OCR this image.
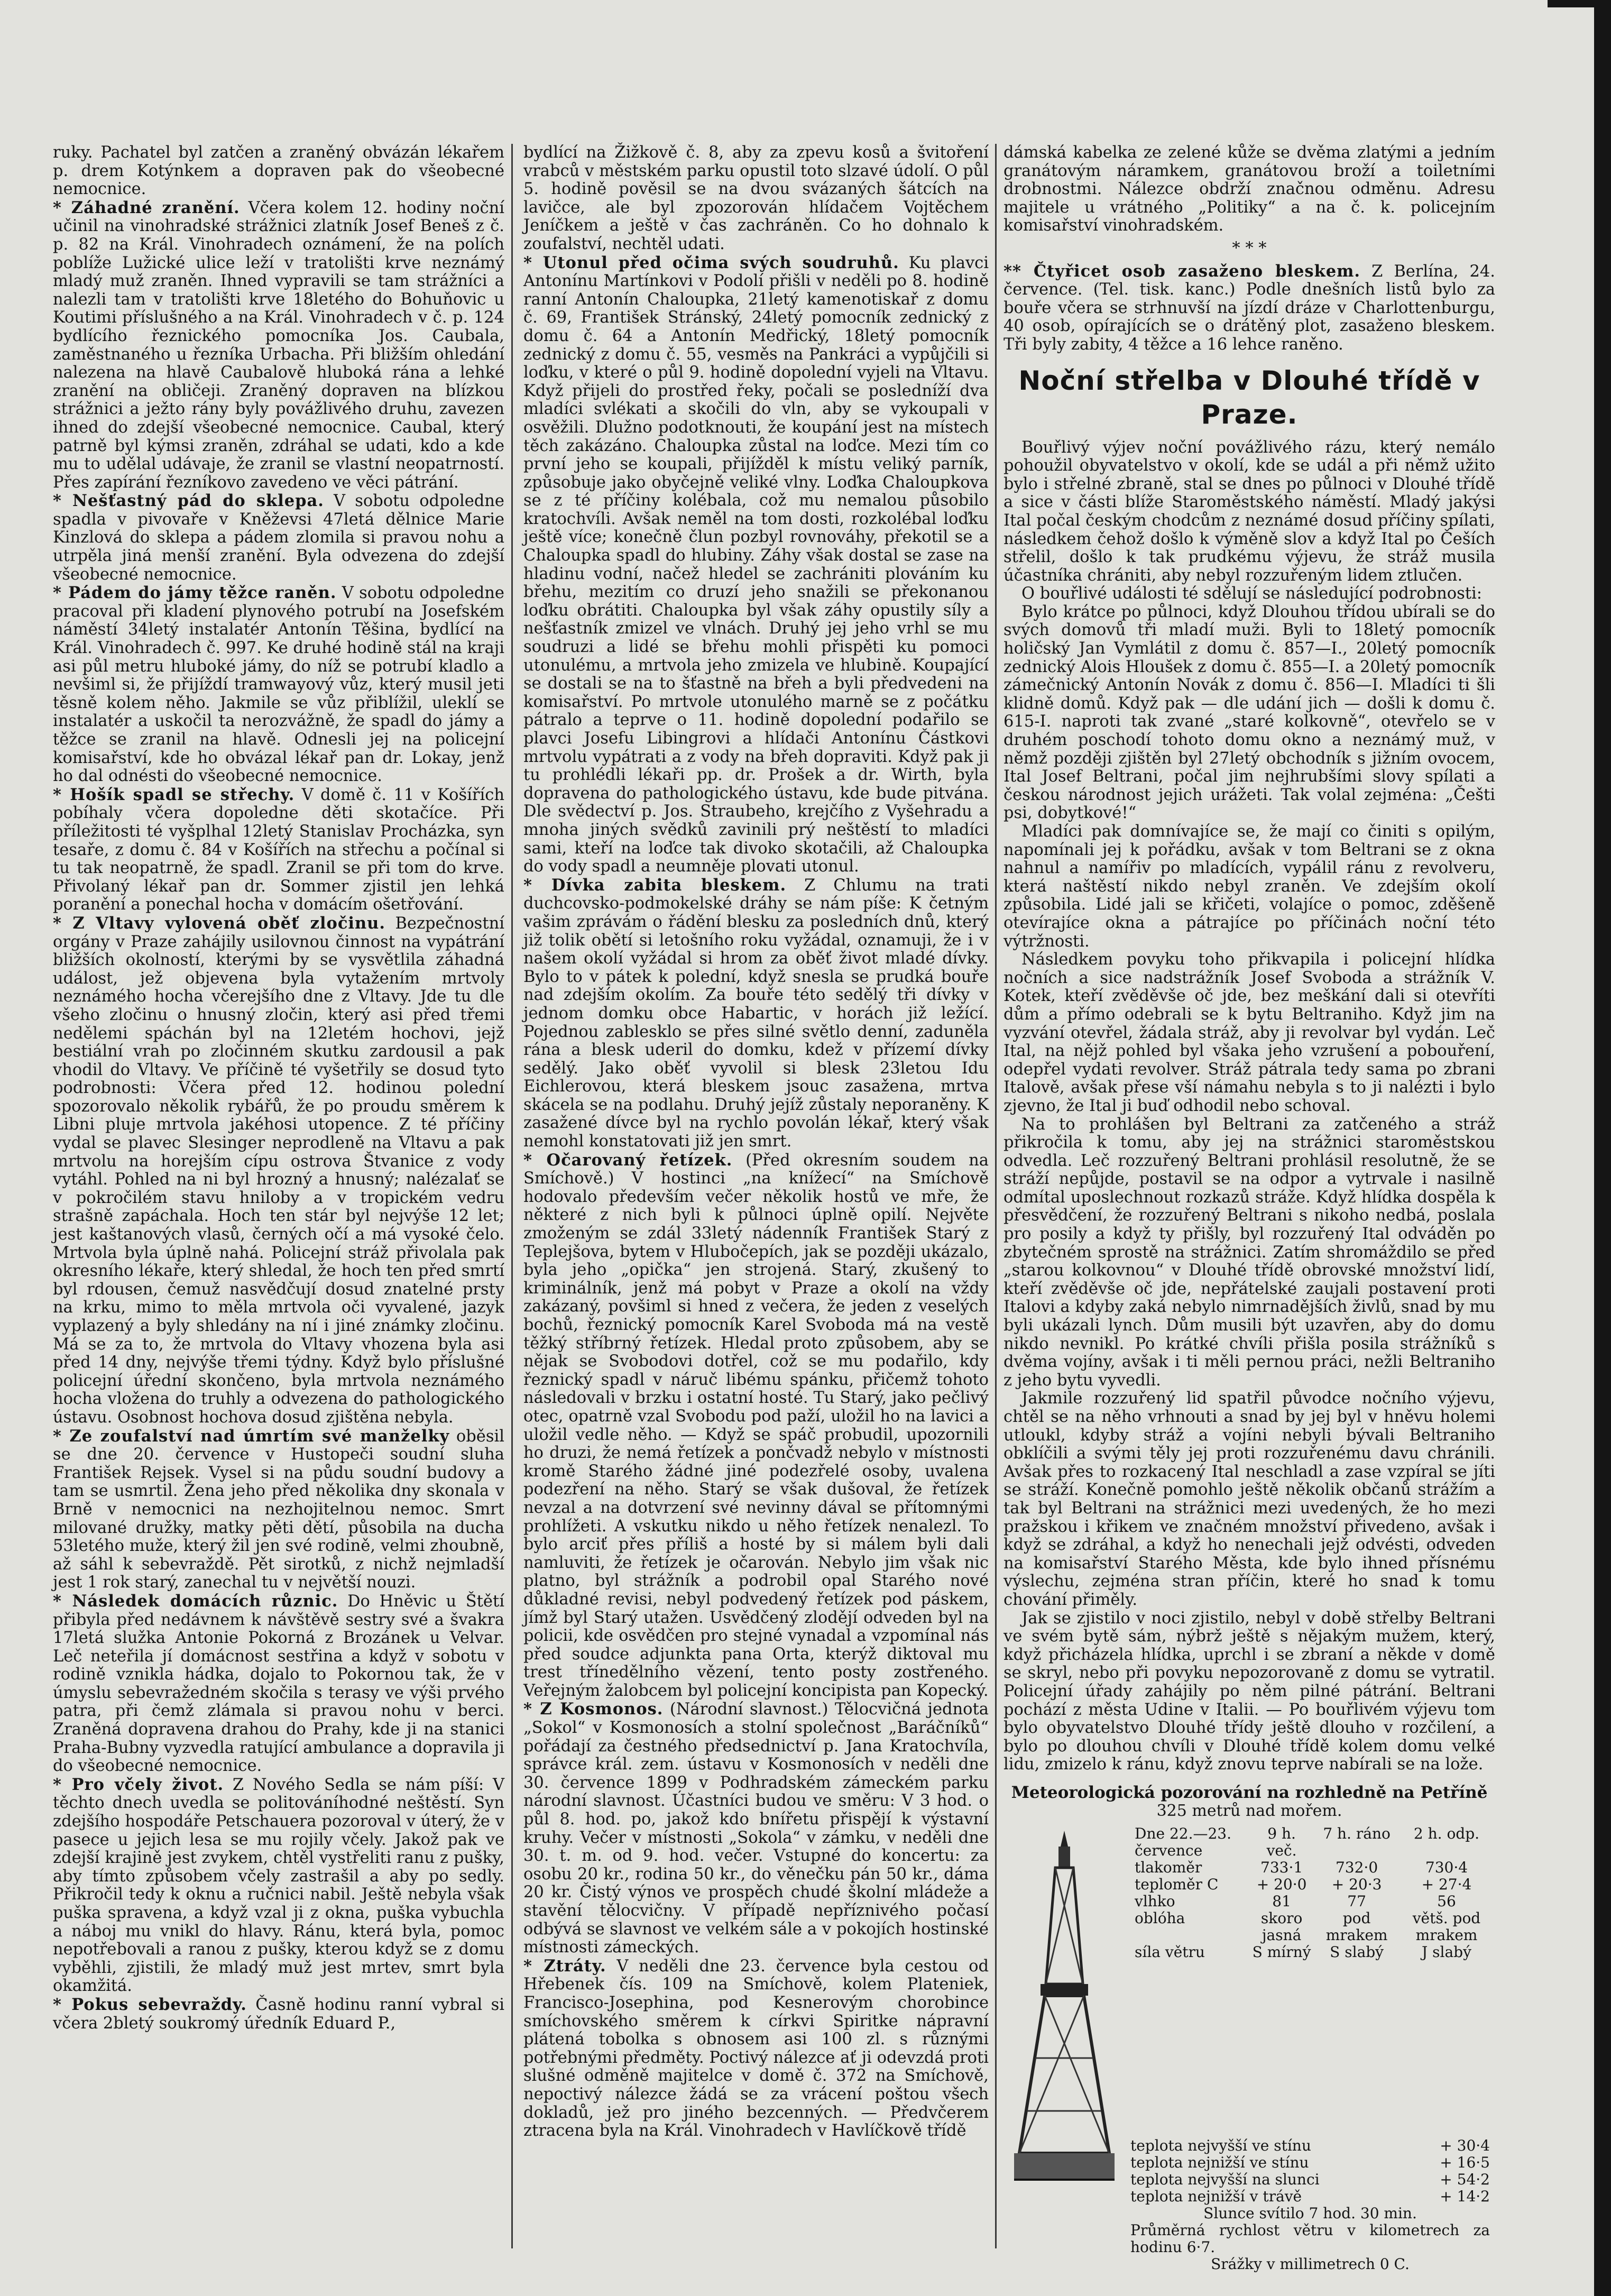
ruky. Pachatel byl zatčen a zraněný obvázán lékařem p. drem Kotýnkem a dopraven pak do všeobecné nemocnice.

* Záhadné zranění. Včera kolem 12. hodiny noční učinil na vinohradské strážnici zlatník Josef Beneš z č. p. 82 na Král. Vinohradech oznámení, že na polích poblíže Lužické ulice leží v tratolišti krve neznámý mladý muž zraněn. Ihned vypravili se tam strážníci a nalezli tam v tratolišti krve 18letého do Bohuňovic u Koutimi příslušného a na Král. Vinohradech v č. p. 124 bydlícího řeznického pomocníka Jos. Caubala, zaměstnaného u řezníka Urbacha. Při bližším ohledání nalezena na hlavě Caubalově hluboká rána a lehké zranění na obličeji. Zraněný dopraven na blízkou strážnici a ježto rány byly povážlivého druhu, zavezen ihned do zdejší všeobecné nemocnice. Caubal, který patrně byl kýmsi zraněn, zdráhal se udati, kdo a kde mu to udělal udávaje, že zranil se vlastní neopatrností. Přes zapírání řezníkovo zavedeno ve věci pátrání.

* Nešťastný pád do sklepa. V sobotu odpoledne spadla v pivovaře v Kněževsi 47letá dělnice Marie Kinzlová do sklepa a pádem zlomila si pravou nohu a utrpěla jiná menší zranění. Byla odvezena do zdejší všeobecné nemocnice.

* Pádem do jámy těžce raněn. V sobotu odpoledne pracoval při kladení plynového potrubí na Josefském náměstí 34letý instalatér Antonín Těšina, bydlící na Král. Vinohradech č. 997. Ke druhé hodině stál na kraji asi půl metru hluboké jámy, do níž se potrubí kladlo a nevšiml si, že přijíždí tramwayový vůz, který musil jeti těsně kolem něho. Jakmile se vůz přiblížil, uleklí se instalatér a uskočil ta nerozvážně, že spadl do jámy a těžce se zranil na hlavě. Odnesli jej na policejní komisařství, kde ho obvázal lékař pan dr. Lokay, jenž ho dal odnésti do všeobecné nemocnice.

* Hošík spadl se střechy. V domě č. 11 v Košířích pobíhaly včera dopoledne děti skotačíce. Při příležitosti té vyšplhal 12letý Stanislav Procházka, syn tesaře, z domu č. 84 v Košířích na střechu a počínal si tu tak neopatrně, že spadl. Zranil se při tom do krve. Přivolaný lékař pan dr. Sommer zjistil jen lehká poranění a ponechal hocha v domácím ošetřování.

* Z Vltavy vylovená oběť zločinu. Bezpečnostní orgány v Praze zahájily usilovnou činnost na vypátrání bližších okolností, kterými by se vysvětlila záhadná událost, jež objevena byla vytažením mrtvoly neznámého hocha včerejšího dne z Vltavy. Jde tu dle všeho zločinu o hnusný zločin, který asi před třemi nedělemi spáchán byl na 12letém hochovi, jejž bestiální vrah po zločinném skutku zardousil a pak vhodil do Vltavy. Ve příčině té vyšetřily se dosud tyto podrobnosti: Včera před 12. hodinou polední spozorovalo několik rybářů, že po proudu směrem k Libni pluje mrtvola jakéhosi utopence. Z té příčiny vydal se plavec Slesinger neprodleně na Vltavu a pak mrtvolu na horejším cípu ostrova Štvanice z vody vytáhl. Pohled na ni byl hrozný a hnusný; nalézalať se v pokročilém stavu hniloby a v tropickém vedru strašně zapáchala. Hoch ten stár byl nejvýše 12 let; jest kaštanových vlasů, černých očí a má vysoké čelo. Mrtvola byla úplně nahá. Policejní stráž přivolala pak okresního lékaře, který shledal, že hoch ten před smrtí byl rdousen, čemuž nasvědčují dosud znatelné prsty na krku, mimo to měla mrtvola oči vyvalené, jazyk vyplazený a byly shledány na ní i jiné známky zločinu. Má se za to, že mrtvola do Vltavy vhozena byla asi před 14 dny, nejvýše třemi týdny. Když bylo příslušné policejní úřední skončeno, byla mrtvola neznámého hocha vložena do truhly a odvezena do pathologického ústavu. Osobnost hochova dosud zjištěna nebyla.

* Ze zoufalství nad úmrtím své manželky oběsil se dne 20. července v Hustopeči soudní sluha František Rejsek. Vysel si na půdu soudní budovy a tam se usmrtil. Žena jeho před několika dny skonala v Brně v nemocnici na nezhojitelnou nemoc. Smrt milované družky, matky pěti dětí, působila na ducha 53letého muže, který žil jen své rodině, velmi zhoubně, až sáhl k sebevraždě. Pět sirotků, z nichž nejmladší jest 1 rok starý, zanechal tu v největší nouzi.

* Následek domácích různic. Do Hněvic u Štětí přibyla před nedávnem k návštěvě sestry své a švakra 17letá služka Antonie Pokorná z Brozánek u Velvar. Leč neteřila jí domácnost sestřina a když v sobotu v rodině vznikla hádka, dojalo to Pokornou tak, že v úmyslu sebevražedném skočila s terasy ve výši prvého patra, při čemž zlámala si pravou nohu v berci. Zraněná dopravena drahou do Prahy, kde ji na stanici Praha-Bubny vyzvedla ratující ambulance a dopravila ji do všeobecné nemocnice.

* Pro včely život. Z Nového Sedla se nám píší: V těchto dnech uvedla se politováníhodné neštěstí. Syn zdejšího hospodáře Petschauera pozoroval v úterý, že v pasece u jejich lesa se mu rojily včely. Jakož pak ve zdejší krajině jest zvykem, chtěl vystřeliti ranu z pušky, aby tímto způsobem včely zastrašil a aby po sedly. Přikročil tedy k oknu a ručnici nabil. Ještě nebyla však puška spravena, a když vzal ji z okna, puška vybuchla a náboj mu vnikl do hlavy. Ránu, která byla, pomoc nepotřebovali a ranou z pušky, kterou když se z domu vyběhli, zjistili, že mladý muž jest mrtev, smrt byla okamžitá.

* Pokus sebevraždy. Časně hodinu ranní vybral si včera 2bletý soukromý úředník Eduard P.,

bydlící na Žižkově č. 8, aby za zpevu kosů a švitoření vrabců v městském parku opustil toto slzavé údolí. O půl 5. hodině pověsil se na dvou svázaných šátcích na lavičce, ale byl zpozorován hlídačem Vojtěchem Jeníčkem a ještě v čas zachráněn. Co ho dohnalo k zoufalství, nechtěl udati.

* Utonul před očima svých soudruhů. Ku plavci Antonínu Martínkovi v Podolí přišli v neděli po 8. hodině ranní Antonín Chaloupka, 21letý kamenotiskař z domu č. 69, František Stránský, 24letý pomocník zednický z domu č. 64 a Antonín Medřický, 18letý pomocník zednický z domu č. 55, vesměs na Pankráci a vypůjčili si loďku, v které o půl 9. hodině dopolední vyjeli na Vltavu. Když přijeli do prostřed řeky, počali se posledníží dva mladíci svlékati a skočili do vln, aby se vykoupali v osvěžili. Dlužno podotknouti, že koupání jest na místech těch zakázáno. Chaloupka zůstal na loďce. Mezi tím co první jeho se koupali, přijížděl k místu veliký parník, způsobuje jako obyčejně veliké vlny. Loďka Chaloupkova se z té příčiny kolébala, což mu nemalou působilo kratochvíli. Avšak neměl na tom dosti, rozkolébal loďku ještě více; konečně člun pozbyl rovnováhy, překotil se a Chaloupka spadl do hlubiny. Záhy však dostal se zase na hladinu vodní, načež hledel se zachrániti plováním ku břehu, mezitím co druzí jeho snažili se překonanou loďku obrátiti. Chaloupka byl však záhy opustily síly a nešťastník zmizel ve vlnách. Druhý jej jeho vrhl se mu soudruzi a lidé se břehu mohli přispěti ku pomoci utonulému, a mrtvola jeho zmizela ve hlubině. Koupající se dostali se na to šťastně na břeh a byli předvedeni na komisařství. Po mrtvole utonulého marně se z počátku pátralo a teprve o 11. hodině dopolední podařilo se plavci Josefu Libingrovi a hlídači Antonínu Částkovi mrtvolu vypátrati a z vody na břeh dopraviti. Když pak ji tu prohlédli lékaři pp. dr. Prošek a dr. Wirth, byla dopravena do pathologického ústavu, kde bude pitvána. Dle svědectví p. Jos. Straubeho, krejčího z Vyšehradu a mnoha jiných svědků zavinili prý neštěstí to mladíci sami, kteří na loďce tak divoko skotačili, až Chaloupka do vody spadl a neumněje plovati utonul.

* Dívka zabita bleskem. Z Chlumu na trati duchcovsko-podmokelské dráhy se nám píše: K četným vašim zprávám o řádění blesku za posledních dnů, který již tolik obětí si letošního roku vyžádal, oznamuji, že i v našem okolí vyžádal si hrom za oběť život mladé dívky. Bylo to v pátek k polední, když snesla se prudká bouře nad zdejším okolím. Za bouře této sedělý tři dívky v jednom domku obce Habartic, v horách již ležící. Pojednou zablesklo se přes silné světlo denní, zaduněla rána a blesk uderil do domku, kdež v přízemí dívky sedělý. Jako oběť vyvolil si blesk 23letou Idu Eichlerovou, která bleskem jsouc zasažena, mrtva skácela se na podlahu. Druhý jejíž zůstaly neporaněny. K zasažené dívce byl na rychlo povolán lékař, který však nemohl konstatovati již jen smrt.

* Očarovaný řetízek. (Před okresním soudem na Smíchově.) V hostinci „na knížecí“ na Smíchově hodovalo především večer několik hostů ve mře, že některé z nich byli k půlnoci úplně opilí. Největe zmoženým se zdál 33letý nádenník František Starý z Teplejšova, bytem v Hlubočepích, jak se později ukázalo, byla jeho „opička“ jen strojená. Starý, zkušený to kriminálník, jenž má pobyt v Praze a okolí na vždy zakázaný, povšiml si hned z večera, že jeden z veselých bochů, řeznický pomocník Karel Svoboda má na vestě těžký stříbrný řetízek. Hledal proto způsobem, aby se nějak se Svobodovi dotřel, což se mu podařilo, kdy řeznický spadl v náruč libému spánku, přičemž tohoto následovali v brzku i ostatní hosté. Tu Starý, jako pečlivý otec, opatrně vzal Svobodu pod paží, uložil ho na lavici a uložil vedle něho. — Když se spáč probudil, upozornili ho druzi, že nemá řetízek a pončvadž nebylo v místnosti kromě Starého žádné jiné podezřelé osoby, uvalena podezření na něho. Starý se však dušoval, že řetízek nevzal a na dotvrzení své nevinny dával se přítomnými prohlížeti. A vskutku nikdo u něho řetízek nenalezl. To bylo arciť přes příliš a hosté by si málem byli dali namluviti, že řetízek je očarován. Nebylo jim však nic platno, byl strážník a podrobil opal Starého nové důkladné revisi, nebyl podvedený řetízek pod páskem, jímž byl Starý utažen. Usvědčený zlodějí odveden byl na policii, kde osvědčen pro stejné vynadal a vzpomínal nás před soudce adjunkta pana Orta, kterýž diktoval mu trest třínedělního vězení, tento posty zostřeného. Veřejným žalobcem byl policejní koncipista pan Kopecký.

* Z Kosmonos. (Národní slavnost.) Tělocvičná jednota „Sokol“ v Kosmonosích a stolní společnost „Baráčníků“ pořádají za čestného předsednictví p. Jana Kratochvíla, správce král. zem. ústavu v Kosmonosích v neděli dne 30. července 1899 v Podhradském zámeckém parku národní slavnost. Účastníci budou ve směru: V 3 hod. o půl 8. hod. po, jakož kdo bnířetu přispějí k výstavní kruhy. Večer v místnosti „Sokola“ v zámku, v neděli dne 30. t. m. od 9. hod. večer. Vstupné do koncertu: za osobu 20 kr., rodina 50 kr., do věnečku pán 50 kr., dáma 20 kr. Čistý výnos ve prospěch chudé školní mládeže a stavění tělocvičny. V případě nepříznivého počasí odbývá se slavnost ve velkém sále a v pokojích hostinské místnosti zámeckých.

* Ztráty. V neděli dne 23. července byla cestou od Hřebenek čís. 109 na Smíchově, kolem Plateniek, Francisco-Josephina, pod Kesnerovým chorobince smíchovského směrem k církvi Spiritke nápravní plátená tobolka s obnosem asi 100 zl. s různými potřebnými předměty. Poctivý nálezce ať ji odevzdá proti slušné odměně majitelce v domě č. 372 na Smíchově, nepoctivý nálezce žádá se za vrácení poštou všech dokladů, jež pro jiného bezcenných. — Předvčerem ztracena byla na Král. Vinohradech v Havlíčkově třídě

dámská kabelka ze zelené kůže se dvěma zlatými a jedním granátovým náramkem, granátovou broží a toiletními drobnostmi. Nálezce obdrží značnou odměnu. Adresu majitele u vrátného „Politiky“ a na č. k. policejním komisařství vinohradském.

* * *

** Čtyřicet osob zasaženo bleskem. Z Berlína, 24. července. (Tel. tisk. kanc.) Podle dnešních listů bylo za bouře včera se strhnuvší na jízdí dráze v Charlottenburgu, 40 osob, opírajících se o drátěný plot, zasaženo bleskem. Tři byly zabity, 4 těžce a 16 lehce raněno.

Noční střelba v Dlouhé třídě v Praze.

Bouřlivý výjev noční povážlivého rázu, který nemálo pohoužil obyvatelstvo v okolí, kde se udál a při němž užito bylo i střelné zbraně, stal se dnes po půlnoci v Dlouhé třídě a sice v části blíže Staroměstského náměstí. Mladý jakýsi Ital počal českým chodcům z neznámé dosud příčiny spílati, následkem čehož došlo k výměně slov a když Ital po Češích střelil, došlo k tak prudkému výjevu, že stráž musila účastníka chrániti, aby nebyl rozzuřeným lidem ztlučen.

O bouřlivé události té sdělují se následující podrobnosti:

Bylo krátce po půlnoci, když Dlouhou třídou ubírali se do svých domovů tři mladí muži. Byli to 18letý pomocník holičský Jan Vymlátil z domu č. 857—I., 20letý pomocník zednický Alois Hloušek z domu č. 855—I. a 20letý pomocník zámečnický Antonín Novák z domu č. 856—I. Mladíci ti šli klidně domů. Když pak — dle udání jich — došli k domu č. 615-I. naproti tak zvané „staré kolkovně“, otevřelo se v druhém poschodí tohoto domu okno a neznámý muž, v němž později zjištěn byl 27letý obchodník s jižním ovocem, Ital Josef Beltrani, počal jim nejhrubšími slovy spílati a českou národnost jejich urážeti. Tak volal zejména: „Češti psi, dobytkové!“

Mladíci pak domnívajíce se, že mají co činiti s opilým, napomínali jej k pořádku, avšak v tom Beltrani se z okna nahnul a namířiv po mladících, vypálil ránu z revolveru, která naštěstí nikdo nebyl zraněn. Ve zdejším okolí způsobila. Lidé jali se křičeti, volajíce o pomoc, zděšeně otevírajíce okna a pátrajíce po příčinách noční této výtržnosti.

Následkem povyku toho přikvapila i policejní hlídka nočních a sice nadstrážník Josef Svoboda a strážník V. Kotek, kteří zvěděvše oč jde, bez meškání dali si otevříti dům a přímo odebrali se k bytu Beltraniho. Když jim na vyzvání otevřel, žádala stráž, aby ji revolvar byl vydán. Leč Ital, na nějž pohled byl všaka jeho vzrušení a pobouření, odepřel vydati revolver. Stráž pátrala tedy sama po zbrani Italově, avšak přese vší námahu nebyla s to ji nalézti i bylo zjevno, že Ital ji buď odhodil nebo schoval.

Na to prohlášen byl Beltrani za zatčeného a stráž přikročila k tomu, aby jej na strážnici staroměstskou odvedla. Leč rozzuřený Beltrani prohlásil resolutně, že se stráží nepůjde, postavil se na odpor a vytrvale i nasilně odmítal uposlechnout rozkazů stráže. Když hlídka dospěla k přesvědčení, že rozzuřený Beltrani s nikoho nedbá, poslala pro posily a když ty přišly, byl rozzuřený Ital odváděn po zbytečném sprostě na strážnici. Zatím shromáždilo se před „starou kolkovnou“ v Dlouhé třídě obrovské množství lidí, kteří zvěděvše oč jde, nepřátelské zaujali postavení proti Italovi a kdyby zaká nebylo nimrnadějších živlů, snad by mu byli ukázali lynch. Dům musili být uzavřen, aby do domu nikdo nevnikl. Po krátké chvíli přišla posila strážníků s dvěma vojíny, avšak i ti měli pernou práci, nežli Beltraniho z jeho bytu vyvedli.

Jakmile rozzuřený lid spatřil původce nočního výjevu, chtěl se na něho vrhnouti a snad by jej byl v hněvu holemi utloukl, kdyby stráž a vojíni nebyli bývali Beltraniho obklíčili a svými těly jej proti rozzuřenému davu chránili. Avšak přes to rozkacený Ital neschladl a zase vzpíral se jíti se stráží. Konečně pomohlo ještě několik občanů strážím a tak byl Beltrani na strážnici mezi uvedených, že ho mezi pražskou i křikem ve značném množství přivedeno, avšak i když se zdráhal, a když ho nenechali jejž odvésti, odveden na komisařství Starého Města, kde bylo ihned přísnému výslechu, zejména stran příčin, které ho snad k tomu chování přiměly.

Jak se zjistilo v noci zjistilo, nebyl v době střelby Beltrani ve svém bytě sám, nýbrž ještě s nějakým mužem, který, když přicházela hlídka, uprchl i se zbraní a někde v domě se skryl, nebo při povyku nepozorovaně z domu se vytratil. Policejní úřady zahájily po něm pilné pátrání. Beltrani pochází z města Udine v Italii. — Po bouřlivém výjevu tom bylo obyvatelstvo Dlouhé třídy ještě dlouho v rozčilení, a bylo po dlouhou chvíli v Dlouhé třídě kolem domu velké lidu, zmizelo k ránu, když znovu teprve nabírali se na lože.

Meteorologická pozorování na rozhledně na Petříně
325 metrů nad mořem.
Dne 22.—23. července	9 h. več.	7 h. ráno	2 h. odp.
tlakoměr	733·1	732·0	730·4
teploměr C	+ 20·0	+ 20·3	+ 27·4
vlhko	81	77	56
oblóha	skoro jasná	pod mrakem	větš. pod mrakem
síla větru	S mírný	S slabý	J slabý
teplota nejvyšší ve stínu	+ 30·4
teplota nejnižší ve stínu	+ 16·5
teplota nejvyšší na slunci	+ 54·2
teplota nejnižší v trávě	+ 14·2
Slunce svítilo 7 hod. 30 min.
Průměrná rychlost větru v kilometrech za hodinu 6·7.
Srážky v millimetrech 0 C.
